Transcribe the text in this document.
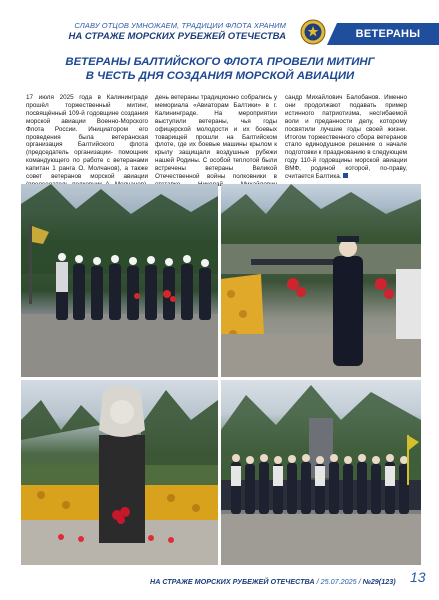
СЛАВУ ОТЦОВ УМНОЖАЕМ, ТРАДИЦИИ ФЛОТА ХРАНИМ
НА СТРАЖЕ МОРСКИХ РУБЕЖЕЙ ОТЕЧЕСТВА	ВЕТЕРАНЫ
ВЕТЕРАНЫ БАЛТИЙСКОГО ФЛОТА ПРОВЕЛИ МИТИНГ
В ЧЕСТЬ ДНЯ СОЗДАНИЯ МОРСКОЙ АВИАЦИИ

17 июля 2025 года в Калининграде прошёл торжественный митинг, посвящённый 109-й годовщине создания морской авиации Военно-Морского Флота России. Инициатором его проведения была ветеранская организация Балтийского флота (председатель организации- помощник командующего по работе с ветеранами капитан 1 ранга О. Молчанов), а также совет ветеранов морской авиации

день ветераны традиционно собрались у мемориала «Авиаторам Балтики» в г. Калининграде. На мероприятии выступили ветераны, чья годы офицерской молодости и их боевых товарищей прошли на Балтийском флоте, где их боевые машины крылом к крылу защищали воздушные рубежи нашей Родины. С особой теплотой были встречены ветераны Великой Отечественной войны полковники в

сандр Михайлович Балобанов. Именно они продолжают подавать пример истинного патриотизма, несгибаемой воли и преданности делу, которому посвятили лучшие годы своей жизни. Итогом торжественного сбора ветеранов стало единодушное решение о начале подготовки к празднованию в следующем году 110-й годовщины морской авиации ВМФ, родиной которой, по-праву, считается Балтика.

НА СТРАЖЕ МОРСКИХ РУБЕЖЕЙ ОТЕЧЕСТВА / 25.07.2025 / №29(123) 13
